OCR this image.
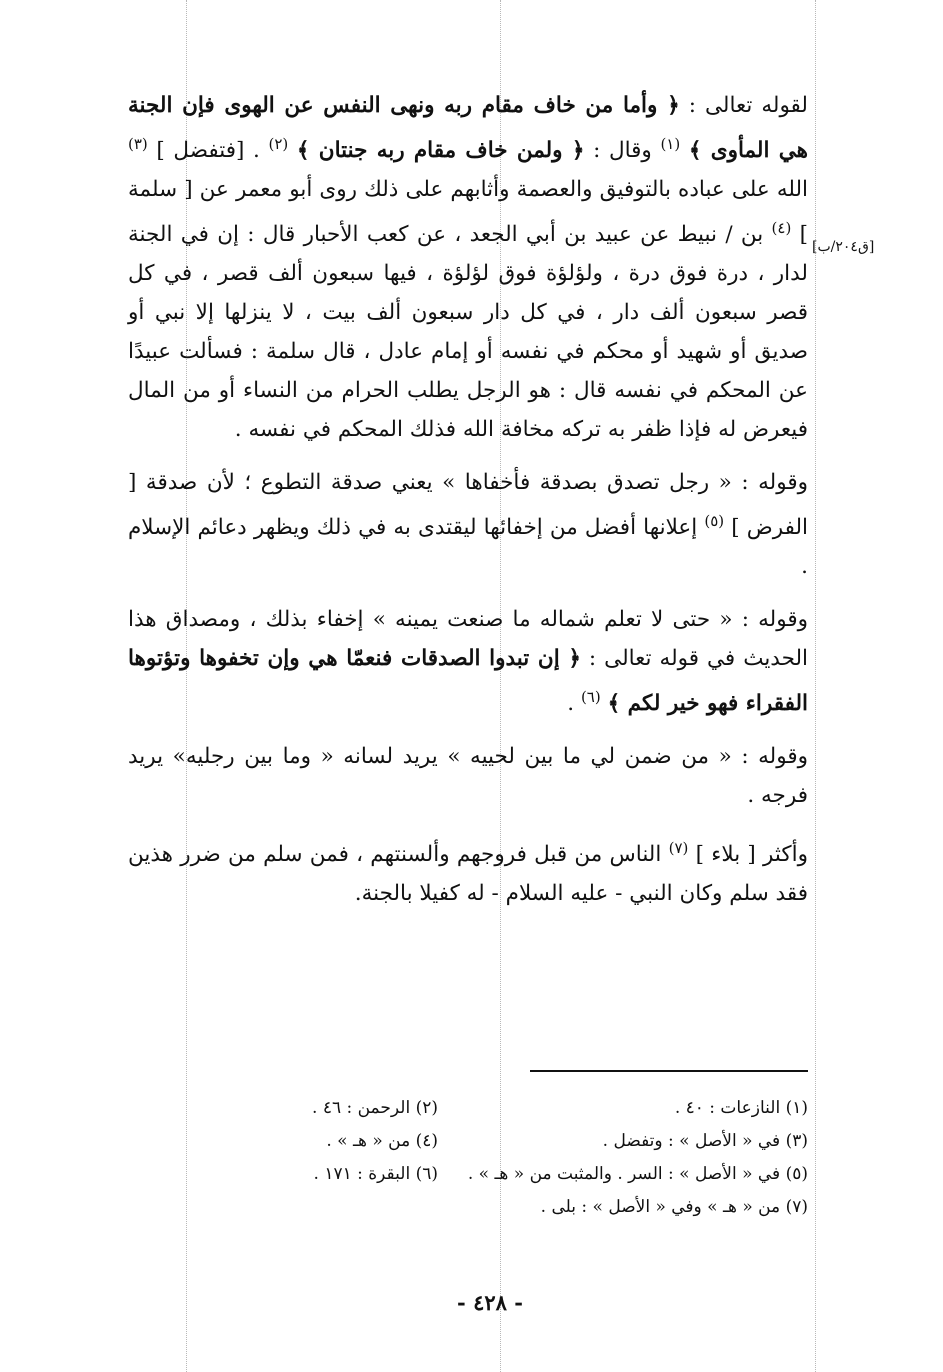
[ق٢٠٤/ب]

لقوله تعالى : ﴿ وأما من خاف مقام ربه ونهى النفس عن الهوى فإن الجنة هي المأوى ﴾ $^{(١)}$ وقال : ﴿ ولمن خاف مقام ربه جنتان ﴾ $^{(٢)}$ . [فتفضل ] $^{(٣)}$ الله على عباده بالتوفيق والعصمة وأثابهم على ذلك روى أبو معمر عن [ سلمة ] $^{(٤)}$ بن / نبيط عن عبيد بن أبي الجعد ، عن كعب الأحبار قال : إن في الجنة لدار ، درة فوق درة ، ولؤلؤة فوق لؤلؤة ، فيها سبعون ألف قصر ، في كل قصر سبعون ألف دار ، في كل دار سبعون ألف بيت ، لا ينزلها إلا نبي أو صديق أو شهيد أو محكم في نفسه أو إمام عادل ، قال سلمة : فسألت عبيدًا عن المحكم في نفسه قال : هو الرجل يطلب الحرام من النساء أو من المال فيعرض له فإذا ظفر به تركه مخافة الله فذلك المحكم في نفسه .

وقوله : « رجل تصدق بصدقة فأخفاها » يعني صدقة التطوع ؛ لأن صدقة [ الفرض ] $^{(٥)}$ إعلانها أفضل من إخفائها ليقتدى به في ذلك ويظهر دعائم الإسلام .

وقوله : « حتى لا تعلم شماله ما صنعت يمينه » إخفاء بذلك ، ومصداق هذا الحديث في قوله تعالى : ﴿ إن تبدوا الصدقات فنعمّا هي وإن تخفوها وتؤتوها الفقراء فهو خير لكم ﴾ $^{(٦)}$ .

وقوله : « من ضمن لي ما بين لحييه » يريد لسانه « وما بين رجليه» يريد فرجه .

وأكثر [ بلاء ] $^{(٧)}$ الناس من قبل فروجهم وألسنتهم ، فمن سلم من ضرر هذين فقد سلم وكان النبي - عليه السلام - له كفيلا بالجنة.

(١) النازعات : ٤٠ .
(٢) الرحمن : ٤٦ .
(٣) في « الأصل » : وتفضل .
(٤) من « هـ » .
(٥) في « الأصل » : السر . والمثبت من « هـ » .
(٦) البقرة : ١٧١ .
(٧) من « هـ » وفي « الأصل » : بلى .
- ٤٢٨ -
